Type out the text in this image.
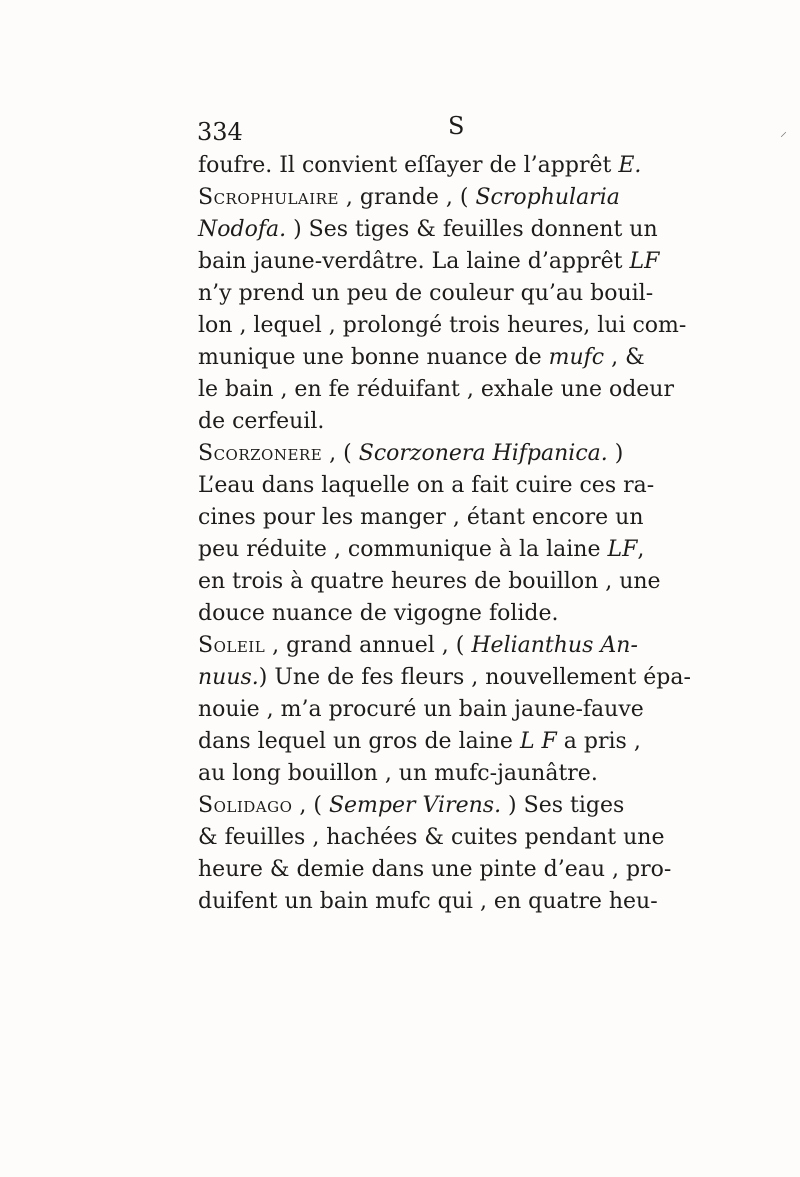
334	S
foufre. Il convient eſſayer de l’apprêt E.
Scrophulaire , grande , ( Scrophularia
Nodofa. ) Ses tiges & feuilles donnent un
bain jaune-verdâtre. La laine d’apprêt LF
n’y prend un peu de couleur qu’au bouil-
lon , lequel , prolongé trois heures, lui com-
munique une bonne nuance de mufc , &
le bain , en fe réduifant , exhale une odeur
de cerfeuil.
Scorzonere , ( Scorzonera Hifpanica. )
L’eau dans laquelle on a fait cuire ces ra-
cines pour les manger , étant encore un
peu réduite , communique à la laine LF,
en trois à quatre heures de bouillon , une
douce nuance de vigogne folide.
Soleil , grand annuel , ( Helianthus An-
nuus.) Une de fes fleurs , nouvellement épa-
nouie , m’a procuré un bain jaune-fauve
dans lequel un gros de laine L F a pris ,
au long bouillon , un mufc-jaunâtre.
Solidago , ( Semper Virens. ) Ses tiges
& feuilles , hachées & cuites pendant une
heure & demie dans une pinte d’eau , pro-
duifent un bain mufc qui , en quatre heu-
⸝
